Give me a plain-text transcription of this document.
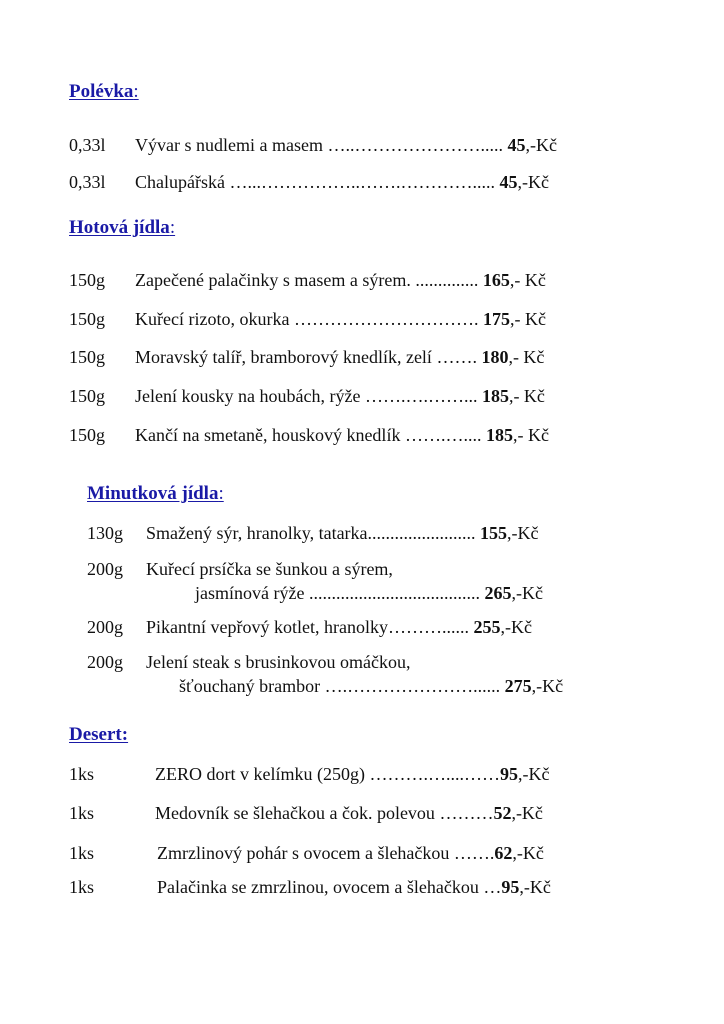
Polévka:
0,33l Vývar s nudlemi a masem …..…………………..... 45,-Kč
0,33l Chalupářská …...……………..…….…………..... 45,-Kč
Hotová jídla:
150g Zapečené palačinky s masem a sýrem. .............. 165,- Kč
150g Kuřecí rizoto, okurka …………………………. 175,- Kč
150g Moravský talíř, bramborový knedlík, zelí ……. 180,- Kč
150g Jelení kousky na houbách, rýže …….….……... 185,- Kč
150g Kančí na smetaně, houskový knedlík …….….... 185,- Kč
Minutková jídla:
130g Smažený sýr, hranolky, tatarka........................ 155,-Kč
200g Kuřecí prsíčka se šunkou a sýrem,
jasmínová rýže ...................................... 265,-Kč
200g Pikantní vepřový kotlet, hranolky………...... 255,-Kč
200g Jelení steak s brusinkovou omáčkou,
šťouchaný brambor ….…………………...... 275,-Kč
Desert:
1ks	ZERO dort v kelímku (250g) ……….…....……95,-Kč
1ks	Medovník se šlehačkou a čok. polevou ………52,-Kč
1ks	Zmrzlinový pohár s ovocem a šlehačkou …….62,-Kč
1ks	Palačinka se zmrzlinou, ovocem a šlehačkou …95,-Kč
